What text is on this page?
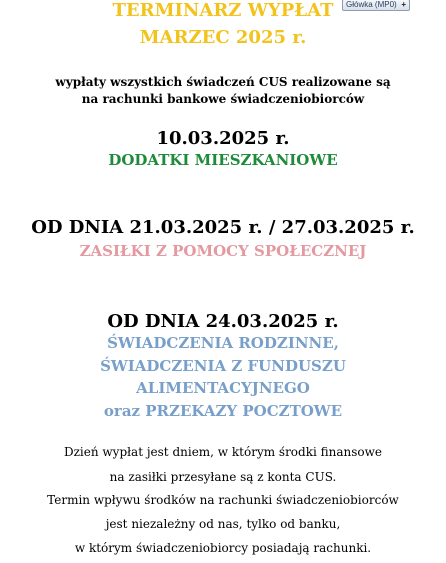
Główka (MP0) +
TERMINARZ WYPŁAT
MARZEC 2025 r.
wypłaty wszystkich świadczeń CUS realizowane są
na rachunki bankowe świadczeniobiorców
10.03.2025 r.
DODATKI MIESZKANIOWE
OD DNIA 21.03.2025 r. / 27.03.2025 r.
ZASIŁKI Z POMOCY SPOŁECZNEJ
OD DNIA 24.03.2025 r.
ŚWIADCZENIA RODZINNE,
ŚWIADCZENIA Z FUNDUSZU
ALIMENTACYJNEGO
oraz PRZEKAZY POCZTOWE
Dzień wypłat jest dniem, w którym środki finansowe
na zasiłki przesyłane są z konta CUS.
Termin wpływu środków na rachunki świadczeniobiorców
jest niezależny od nas, tylko od banku,
w którym świadczeniobiorcy posiadają rachunki.
